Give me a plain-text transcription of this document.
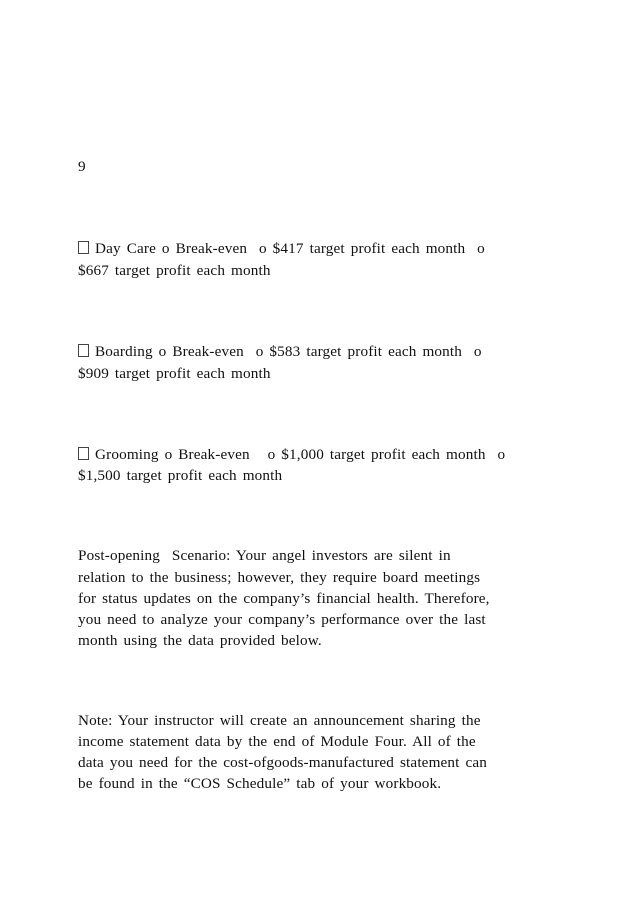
9

Day Care o Break-even  o $417 target profit each month  o

$667 target profit each month

Boarding o Break-even  o $583 target profit each month  o

$909 target profit each month

Grooming o Break-even   o $1,000 target profit each month  o

$1,500 target profit each month

Post-opening  Scenario: Your angel investors are silent in

relation to the business; however, they require board meetings

for status updates on the company’s financial health. Therefore,

you need to analyze your company’s performance over the last

month using the data provided below.

Note: Your instructor will create an announcement sharing the

income statement data by the end of Module Four. All of the

data you need for the cost-ofgoods-manufactured statement can

be found in the “COS Schedule” tab of your workbook.
